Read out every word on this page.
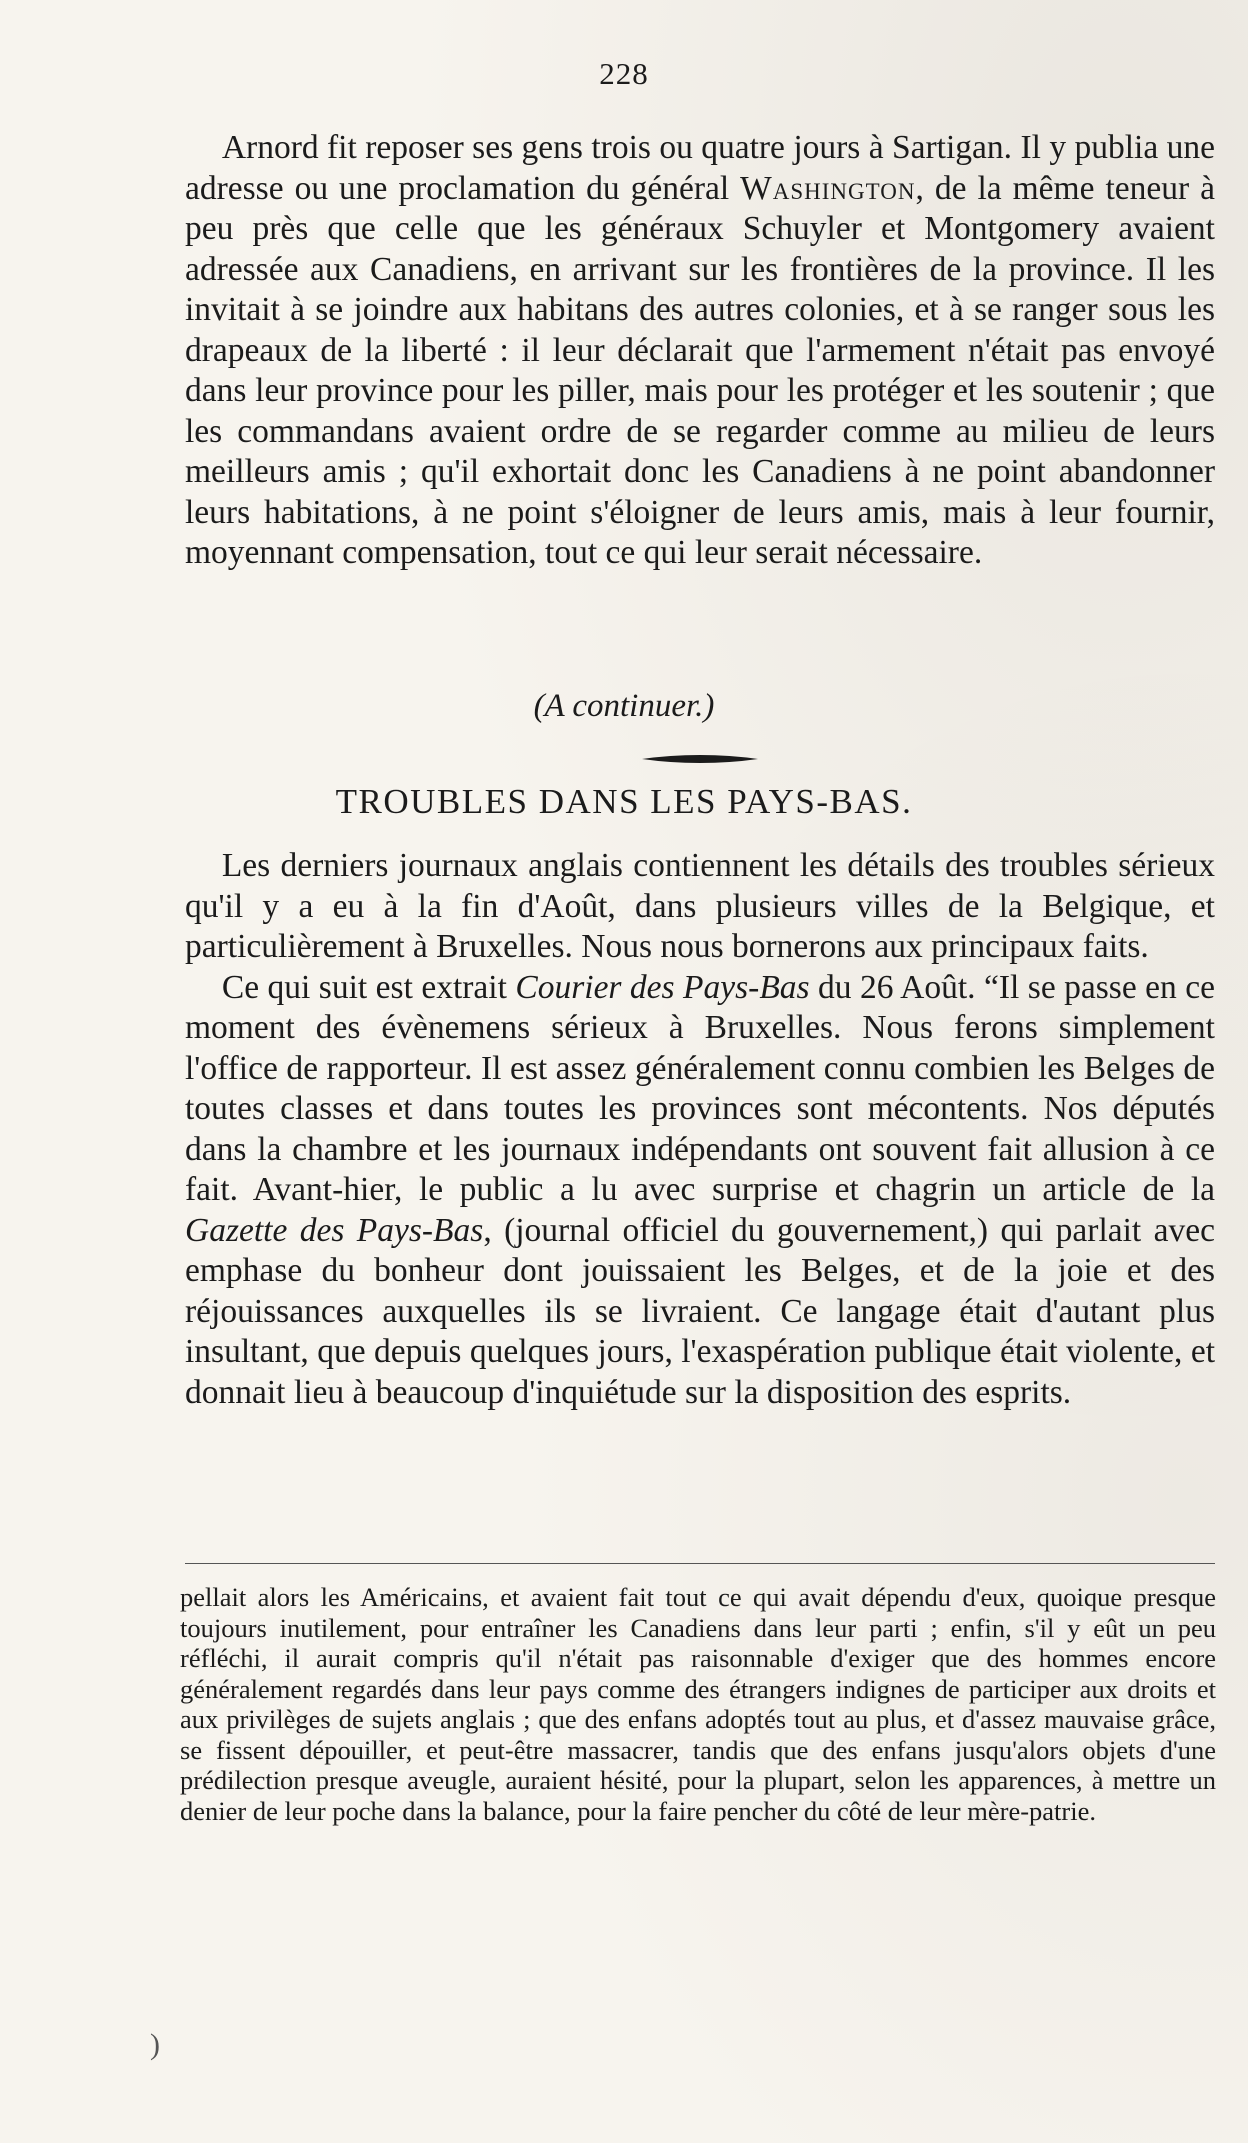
228

Arnord fit reposer ses gens trois ou quatre jours à Sartigan. Il y publia une adresse ou une proclamation du général Washington, de la même teneur à peu près que celle que les généraux Schuyler et Montgomery avaient adressée aux Canadiens, en arrivant sur les frontières de la province. Il les invitait à se joindre aux habitans des autres colonies, et à se ranger sous les drapeaux de la liberté : il leur déclarait que l'armement n'était pas envoyé dans leur province pour les piller, mais pour les protéger et les soutenir ; que les commandans avaient ordre de se regarder comme au milieu de leurs meilleurs amis ; qu'il exhortait donc les Canadiens à ne point abandonner leurs habitations, à ne point s'éloigner de leurs amis, mais à leur fournir, moyennant compensation, tout ce qui leur serait nécessaire.

(A continuer.)
TROUBLES DANS LES PAYS-BAS.

Les derniers journaux anglais contiennent les détails des troubles sérieux qu'il y a eu à la fin d'Août, dans plusieurs villes de la Belgique, et particulièrement à Bruxelles. Nous nous bornerons aux principaux faits.

Ce qui suit est extrait Courier des Pays-Bas du 26 Août. “Il se passe en ce moment des évènemens sérieux à Bruxelles. Nous ferons simplement l'office de rapporteur. Il est assez généralement connu combien les Belges de toutes classes et dans toutes les provinces sont mécontents. Nos députés dans la chambre et les journaux indépendants ont souvent fait allusion à ce fait. Avant-hier, le public a lu avec surprise et chagrin un article de la Gazette des Pays-Bas, (journal officiel du gouvernement,) qui parlait avec emphase du bonheur dont jouissaient les Belges, et de la joie et des réjouissances auxquelles ils se livraient. Ce langage était d'autant plus insultant, que depuis quelques jours, l'exaspération publique était violente, et donnait lieu à beaucoup d'inquiétude sur la disposition des esprits.

pellait alors les Américains, et avaient fait tout ce qui avait dépendu d'eux, quoique presque toujours inutilement, pour entraîner les Canadiens dans leur parti ; enfin, s'il y eût un peu réfléchi, il aurait compris qu'il n'était pas raisonnable d'exiger que des hommes encore généralement regardés dans leur pays comme des étrangers indignes de participer aux droits et aux privilèges de sujets anglais ; que des enfans adoptés tout au plus, et d'assez mauvaise grâce, se fissent dépouiller, et peut-être massacrer, tandis que des enfans jusqu'alors objets d'une prédilection presque aveugle, auraient hésité, pour la plupart, selon les apparences, à mettre un denier de leur poche dans la balance, pour la faire pencher du côté de leur mère-patrie.

)
